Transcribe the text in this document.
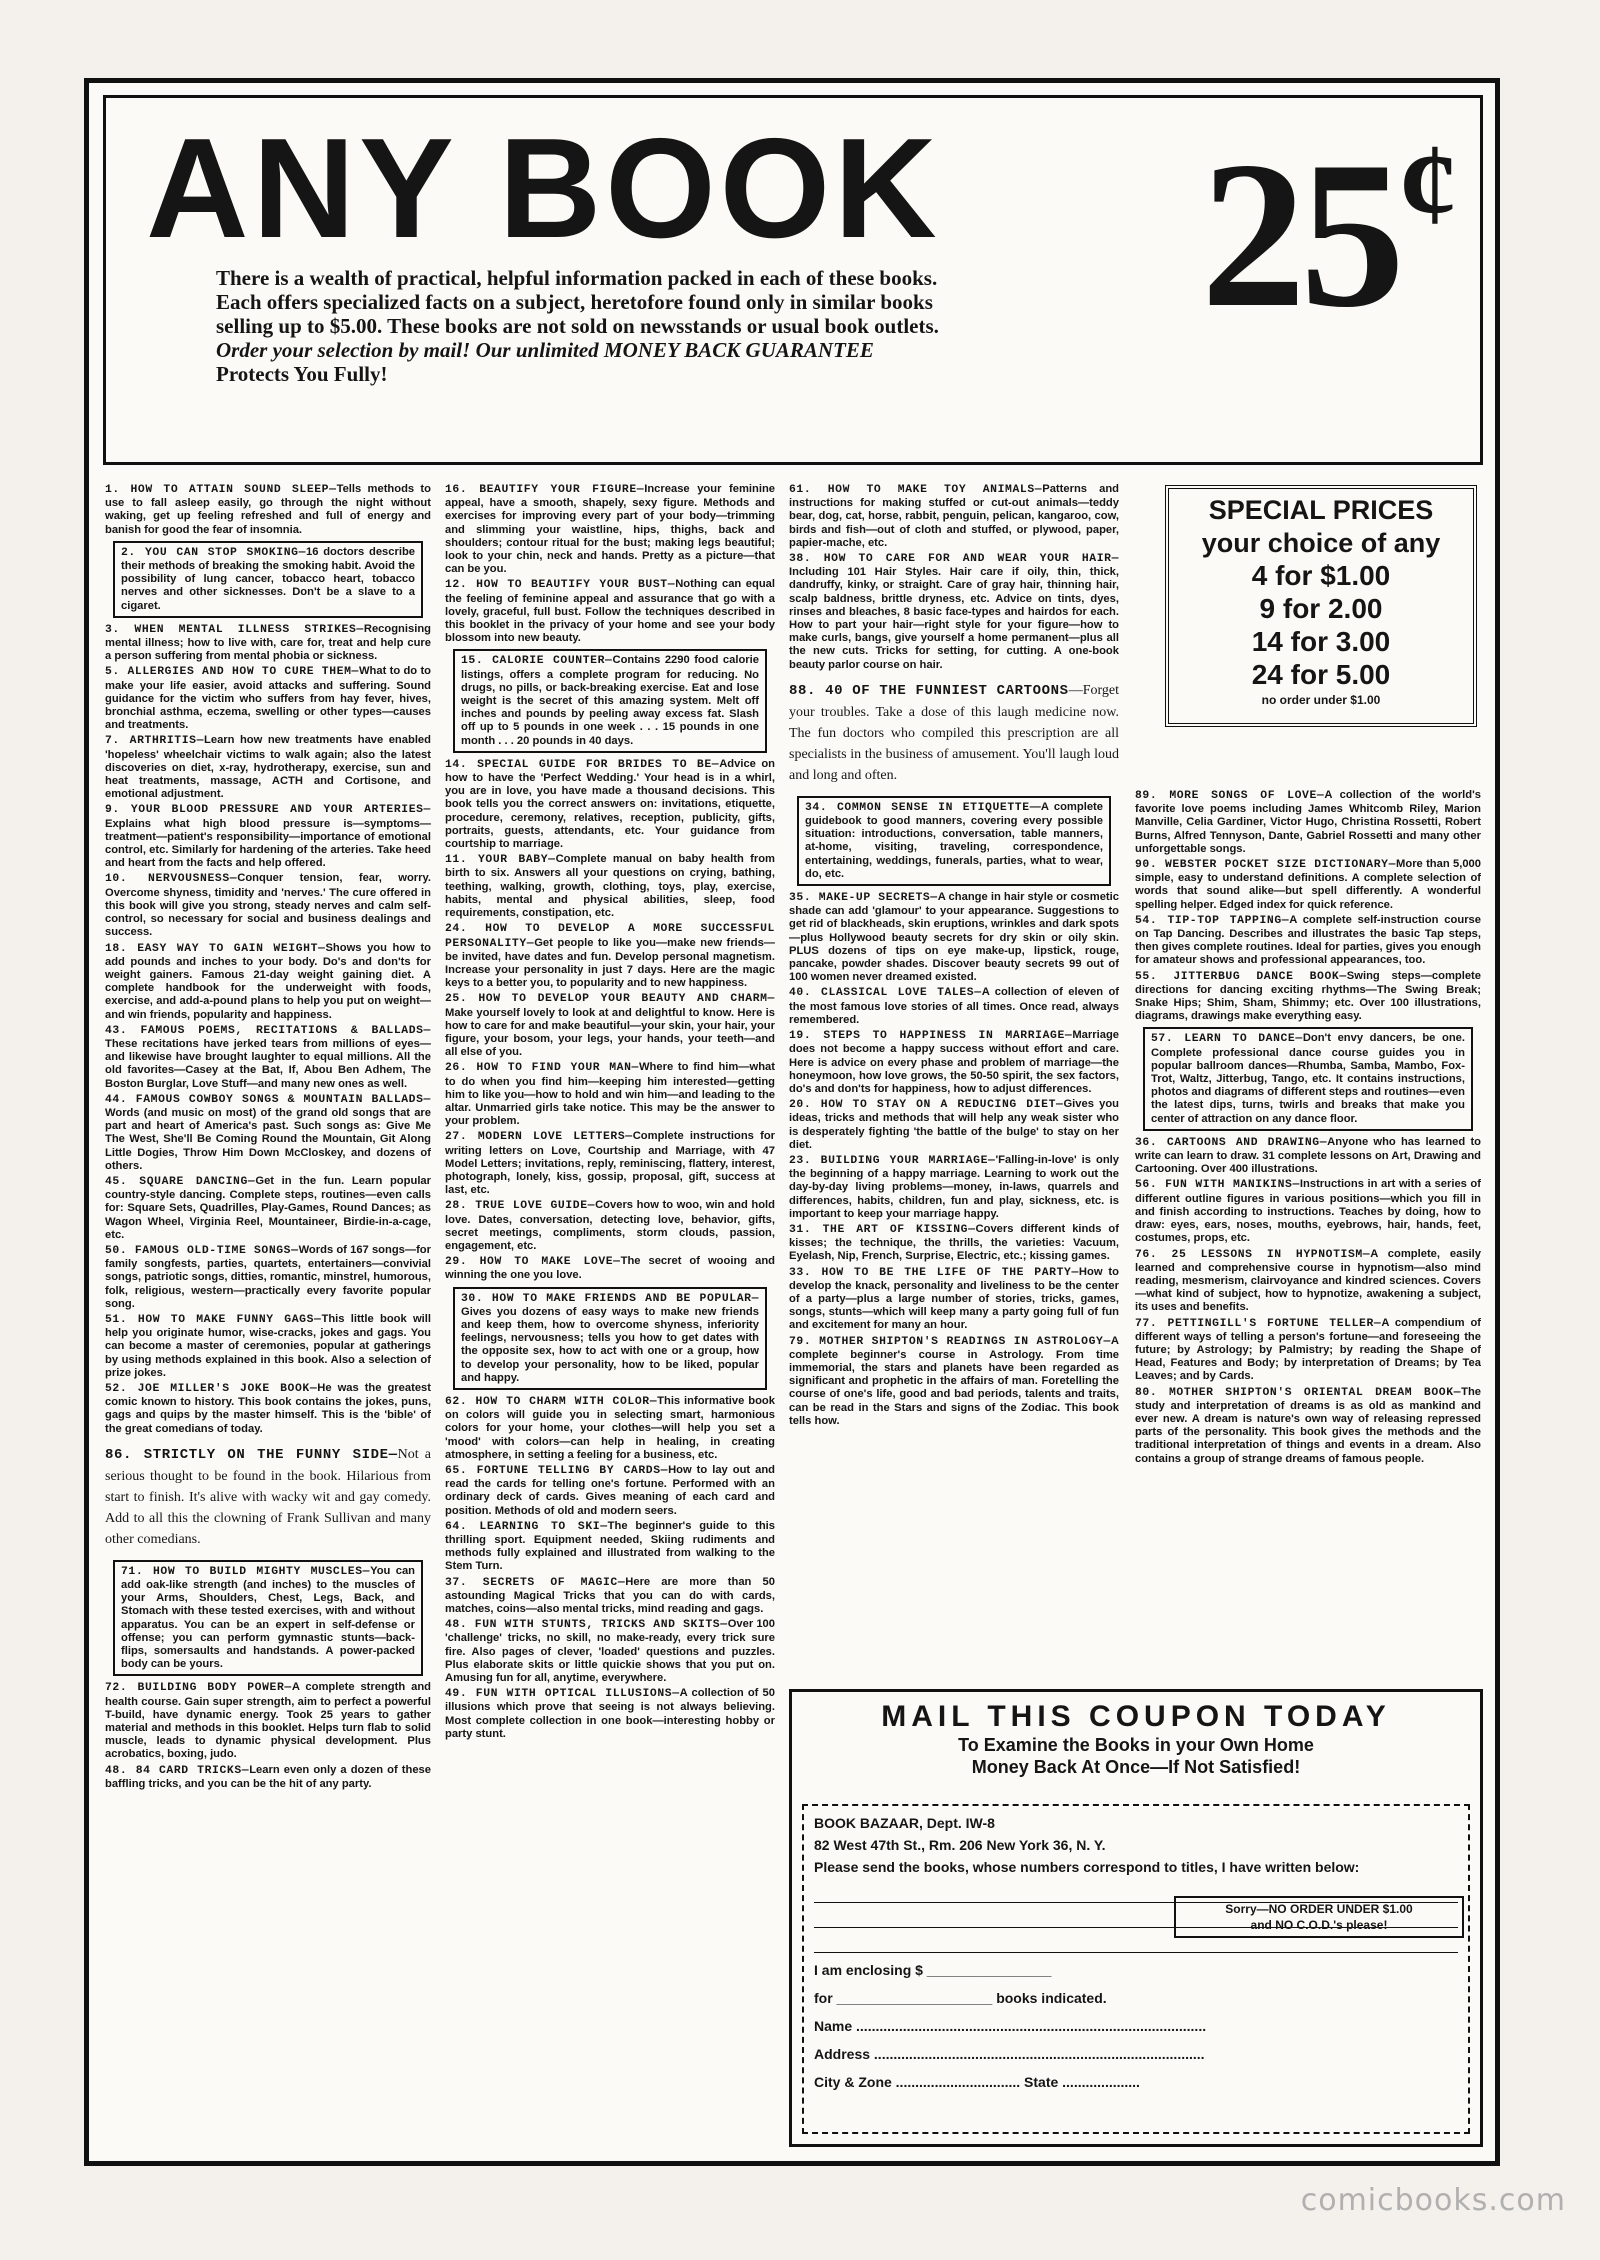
ANY BOOK 25¢
There is a wealth of practical, helpful information packed in each of these books.
Each offers specialized facts on a subject, heretofore found only in similar books
selling up to $5.00. These books are not sold on newsstands or usual book outlets.
Order your selection by mail! Our unlimited MONEY BACK GUARANTEE
Protects You Fully!
1. HOW TO ATTAIN SOUND SLEEP—Tells methods to use to fall asleep easily, go through the night without waking, get up feeling refreshed and full of energy and banish for good the fear of insomnia.
2. YOU CAN STOP SMOKING—16 doctors describe their methods of breaking the smoking habit. Avoid the possibility of lung cancer, tobacco heart, tobacco nerves and other sicknesses. Don't be a slave to a cigaret.
3. WHEN MENTAL ILLNESS STRIKES—Recognising mental illness; how to live with, care for, treat and help cure a person suffering from mental phobia or sickness.
5. ALLERGIES AND HOW TO CURE THEM—What to do to make your life easier, avoid attacks and suffering. Sound guidance for the victim who suffers from hay fever, hives, bronchial asthma, eczema, swelling or other types—causes and treatments.
7. ARTHRITIS—Learn how new treatments have enabled 'hopeless' wheelchair victims to walk again; also the latest discoveries on diet, x-ray, hydrotherapy, exercise, sun and heat treatments, massage, ACTH and Cortisone, and emotional adjustment.
9. YOUR BLOOD PRESSURE AND YOUR ARTERIES—Explains what high blood pressure is—symptoms—treatment—patient's responsibility—importance of emotional control, etc. Similarly for hardening of the arteries. Take heed and heart from the facts and help offered.
10. NERVOUSNESS—Conquer tension, fear, worry. Overcome shyness, timidity and 'nerves.' The cure offered in this book will give you strong, steady nerves and calm self-control, so necessary for social and business dealings and success.
18. EASY WAY TO GAIN WEIGHT—Shows you how to add pounds and inches to your body. Do's and don'ts for weight gainers. Famous 21-day weight gaining diet. A complete handbook for the underweight with foods, exercise, and add-a-pound plans to help you put on weight—and win friends, popularity and happiness.
43. FAMOUS POEMS, RECITATIONS & BALLADS—These recitations have jerked tears from millions of eyes—and likewise have brought laughter to equal millions. All the old favorites—Casey at the Bat, If, Abou Ben Adhem, The Boston Burglar, Love Stuff—and many new ones as well.
44. FAMOUS COWBOY SONGS & MOUNTAIN BALLADS—Words (and music on most) of the grand old songs that are part and heart of America's past. Such songs as: Give Me The West, She'll Be Coming Round the Mountain, Git Along Little Dogies, Throw Him Down McCloskey, and dozens of others.
45. SQUARE DANCING—Get in the fun. Learn popular country-style dancing. Complete steps, routines—even calls for: Square Sets, Quadrilles, Play-Games, Round Dances; as Wagon Wheel, Virginia Reel, Mountaineer, Birdie-in-a-cage, etc.
50. FAMOUS OLD-TIME SONGS—Words of 167 songs—for family songfests, parties, quartets, entertainers—convivial songs, patriotic songs, ditties, romantic, minstrel, humorous, folk, religious, western—practically every favorite popular song.
51. HOW TO MAKE FUNNY GAGS—This little book will help you originate humor, wise-cracks, jokes and gags. You can become a master of ceremonies, popular at gatherings by using methods explained in this book. Also a selection of prize jokes.
52. JOE MILLER'S JOKE BOOK—He was the greatest comic known to history. This book contains the jokes, puns, gags and quips by the master himself. This is the 'bible' of the great comedians of today.
86. STRICTLY ON THE FUNNY SIDE—Not a serious thought to be found in the book. Hilarious from start to finish. It's alive with wacky wit and gay comedy. Add to all this the clowning of Frank Sullivan and many other comedians.
71. HOW TO BUILD MIGHTY MUSCLES—You can add oak-like strength (and inches) to the muscles of your Arms, Shoulders, Chest, Legs, Back, and Stomach with these tested exercises, with and without apparatus. You can be an expert in self-defense or offense; you can perform gymnastic stunts—back-flips, somersaults and handstands. A power-packed body can be yours.
72. BUILDING BODY POWER—A complete strength and health course. Gain super strength, aim to perfect a powerful T-build, have dynamic energy. Took 25 years to gather material and methods in this booklet. Helps turn flab to solid muscle, leads to dynamic physical development. Plus acrobatics, boxing, judo.
48. 84 CARD TRICKS—Learn even only a dozen of these baffling tricks, and you can be the hit of any party.
16. BEAUTIFY YOUR FIGURE—Increase your feminine appeal, have a smooth, shapely, sexy figure. Methods and exercises for improving every part of your body—trimming and slimming your waistline, hips, thighs, back and shoulders; contour ritual for the bust; making legs beautiful; look to your chin, neck and hands. Pretty as a picture—that can be you.
12. HOW TO BEAUTIFY YOUR BUST—Nothing can equal the feeling of feminine appeal and assurance that go with a lovely, graceful, full bust. Follow the techniques described in this booklet in the privacy of your home and see your body blossom into new beauty.
15. CALORIE COUNTER—Contains 2290 food calorie listings, offers a complete program for reducing. No drugs, no pills, or back-breaking exercise. Eat and lose weight is the secret of this amazing system. Melt off inches and pounds by peeling away excess fat. Slash off up to 5 pounds in one week . . . 15 pounds in one month . . . 20 pounds in 40 days.
14. SPECIAL GUIDE FOR BRIDES TO BE—Advice on how to have the 'Perfect Wedding.' Your head is in a whirl, you are in love, you have made a thousand decisions. This book tells you the correct answers on: invitations, etiquette, procedure, ceremony, relatives, reception, publicity, gifts, portraits, guests, attendants, etc. Your guidance from courtship to marriage.
11. YOUR BABY—Complete manual on baby health from birth to six. Answers all your questions on crying, bathing, teething, walking, growth, clothing, toys, play, exercise, habits, mental and physical abilities, sleep, food requirements, constipation, etc.
24. HOW TO DEVELOP A MORE SUCCESSFUL PERSONALITY—Get people to like you—make new friends—be invited, have dates and fun. Develop personal magnetism. Increase your personality in just 7 days. Here are the magic keys to a better you, to popularity and to new happiness.
25. HOW TO DEVELOP YOUR BEAUTY AND CHARM—Make yourself lovely to look at and delightful to know. Here is how to care for and make beautiful—your skin, your hair, your figure, your bosom, your legs, your hands, your teeth—and all else of you.
26. HOW TO FIND YOUR MAN—Where to find him—what to do when you find him—keeping him interested—getting him to like you—how to hold and win him—and leading to the altar. Unmarried girls take notice. This may be the answer to your problem.
27. MODERN LOVE LETTERS—Complete instructions for writing letters on Love, Courtship and Marriage, with 47 Model Letters; invitations, reply, reminiscing, flattery, interest, photograph, lonely, kiss, gossip, proposal, gift, success at last, etc.
28. TRUE LOVE GUIDE—Covers how to woo, win and hold love. Dates, conversation, detecting love, behavior, gifts, secret meetings, compliments, storm clouds, passion, engagement, etc.
29. HOW TO MAKE LOVE—The secret of wooing and winning the one you love.
30. HOW TO MAKE FRIENDS AND BE POPULAR—Gives you dozens of easy ways to make new friends and keep them, how to overcome shyness, inferiority feelings, nervousness; tells you how to get dates with the opposite sex, how to act with one or a group, how to develop your personality, how to be liked, popular and happy.
62. HOW TO CHARM WITH COLOR—This informative book on colors will guide you in selecting smart, harmonious colors for your home, your clothes—will help you set a 'mood' with colors—can help in healing, in creating atmosphere, in setting a feeling for a business, etc.
65. FORTUNE TELLING BY CARDS—How to lay out and read the cards for telling one's fortune. Performed with an ordinary deck of cards. Gives meaning of each card and position. Methods of old and modern seers.
64. LEARNING TO SKI—The beginner's guide to this thrilling sport. Equipment needed, Skiing rudiments and methods fully explained and illustrated from walking to the Stem Turn.
37. SECRETS OF MAGIC—Here are more than 50 astounding Magical Tricks that you can do with cards, matches, coins—also mental tricks, mind reading and gags.
48. FUN WITH STUNTS, TRICKS AND SKITS—Over 100 'challenge' tricks, no skill, no make-ready, every trick sure fire. Also pages of clever, 'loaded' questions and puzzles. Plus elaborate skits or little quickie shows that you put on. Amusing fun for all, anytime, everywhere.
49. FUN WITH OPTICAL ILLUSIONS—A collection of 50 illusions which prove that seeing is not always believing. Most complete collection in one book—interesting hobby or party stunt.
61. HOW TO MAKE TOY ANIMALS—Patterns and instructions for making stuffed or cut-out animals—teddy bear, dog, cat, horse, rabbit, penguin, pelican, kangaroo, cow, birds and fish—out of cloth and stuffed, or plywood, paper, papier-mache, etc.
38. HOW TO CARE FOR AND WEAR YOUR HAIR—Including 101 Hair Styles. Hair care if oily, thin, thick, dandruffy, kinky, or straight. Care of gray hair, thinning hair, scalp baldness, brittle dryness, etc. Advice on tints, dyes, rinses and bleaches, 8 basic face-types and hairdos for each. How to part your hair—right style for your figure—how to make curls, bangs, give yourself a home permanent—plus all the new cuts. Tricks for setting, for cutting. A one-book beauty parlor course on hair.
88. 40 OF THE FUNNIEST CARTOONS—Forget your troubles. Take a dose of this laugh medicine now. The fun doctors who compiled this prescription are all specialists in the business of amusement. You'll laugh loud and long and often.
34. COMMON SENSE IN ETIQUETTE—A complete guidebook to good manners, covering every possible situation: introductions, conversation, table manners, at-home, visiting, traveling, correspondence, entertaining, weddings, funerals, parties, what to wear, do, etc.
35. MAKE-UP SECRETS—A change in hair style or cosmetic shade can add 'glamour' to your appearance. Suggestions to get rid of blackheads, skin eruptions, wrinkles and dark spots—plus Hollywood beauty secrets for dry skin or oily skin. PLUS dozens of tips on eye make-up, lipstick, rouge, pancake, powder shades. Discover beauty secrets 99 out of 100 women never dreamed existed.
40. CLASSICAL LOVE TALES—A collection of eleven of the most famous love stories of all times. Once read, always remembered.
19. STEPS TO HAPPINESS IN MARRIAGE—Marriage does not become a happy success without effort and care. Here is advice on every phase and problem of marriage—the honeymoon, how love grows, the 50-50 spirit, the sex factors, do's and don'ts for happiness, how to adjust differences.
20. HOW TO STAY ON A REDUCING DIET—Gives you ideas, tricks and methods that will help any weak sister who is desperately fighting 'the battle of the bulge' to stay on her diet.
23. BUILDING YOUR MARRIAGE—'Falling-in-love' is only the beginning of a happy marriage. Learning to work out the day-by-day living problems—money, in-laws, quarrels and differences, habits, children, fun and play, sickness, etc. is important to keep your marriage happy.
31. THE ART OF KISSING—Covers different kinds of kisses; the technique, the thrills, the varieties: Vacuum, Eyelash, Nip, French, Surprise, Electric, etc.; kissing games.
33. HOW TO BE THE LIFE OF THE PARTY—How to develop the knack, personality and liveliness to be the center of a party—plus a large number of stories, tricks, games, songs, stunts—which will keep many a party going full of fun and excitement for many an hour.
79. MOTHER SHIPTON'S READINGS IN ASTROLOGY—A complete beginner's course in Astrology. From time immemorial, the stars and planets have been regarded as significant and prophetic in the affairs of man. Foretelling the course of one's life, good and bad periods, talents and traits, can be read in the Stars and signs of the Zodiac. This book tells how.
SPECIAL PRICES
your choice of any
4 for $1.00
9 for 2.00
14 for 3.00
24 for 5.00
no order under $1.00
89. MORE SONGS OF LOVE—A collection of the world's favorite love poems including James Whitcomb Riley, Marion Manville, Celia Gardiner, Victor Hugo, Christina Rossetti, Robert Burns, Alfred Tennyson, Dante, Gabriel Rossetti and many other unforgettable songs.
90. WEBSTER POCKET SIZE DICTIONARY—More than 5,000 simple, easy to understand definitions. A complete selection of words that sound alike—but spell differently. A wonderful spelling helper. Edged index for quick reference.
54. TIP-TOP TAPPING—A complete self-instruction course on Tap Dancing. Describes and illustrates the basic Tap steps, then gives complete routines. Ideal for parties, gives you enough for amateur shows and professional appearances, too.
55. JITTERBUG DANCE BOOK—Swing steps—complete directions for dancing exciting rhythms—The Swing Break; Snake Hips; Shim, Sham, Shimmy; etc. Over 100 illustrations, diagrams, drawings make everything easy.
57. LEARN TO DANCE—Don't envy dancers, be one. Complete professional dance course guides you in popular ballroom dances—Rhumba, Samba, Mambo, Fox-Trot, Waltz, Jitterbug, Tango, etc. It contains instructions, photos and diagrams of different steps and routines—even the latest dips, turns, twirls and breaks that make you center of attraction on any dance floor.
36. CARTOONS AND DRAWING—Anyone who has learned to write can learn to draw. 31 complete lessons on Art, Drawing and Cartooning. Over 400 illustrations.
56. FUN WITH MANIKINS—Instructions in art with a series of different outline figures in various positions—which you fill in and finish according to instructions. Teaches by doing, how to draw: eyes, ears, noses, mouths, eyebrows, hair, hands, feet, costumes, props, etc.
76. 25 LESSONS IN HYPNOTISM—A complete, easily learned and comprehensive course in hypnotism—also mind reading, mesmerism, clairvoyance and kindred sciences. Covers—what kind of subject, how to hypnotize, awakening a subject, its uses and benefits.
77. PETTINGILL'S FORTUNE TELLER—A compendium of different ways of telling a person's fortune—and foreseeing the future; by Astrology; by Palmistry; by reading the Shape of Head, Features and Body; by interpretation of Dreams; by Tea Leaves; and by Cards.
80. MOTHER SHIPTON'S ORIENTAL DREAM BOOK—The study and interpretation of dreams is as old as mankind and ever new. A dream is nature's own way of releasing repressed parts of the personality. This book gives the methods and the traditional interpretation of things and events in a dream. Also contains a group of strange dreams of famous people.
MAIL THIS COUPON TODAY
To Examine the Books in your Own Home
Money Back At Once—If Not Satisfied!
BOOK BAZAAR, Dept. IW-8
82 West 47th St., Rm. 206 New York 36, N. Y.
Please send the books, whose numbers correspond to titles, I have written below:
I am enclosing $ ________________
for ____________________ books indicated.
Name ..........................................................................................
Address .....................................................................................
City & Zone ................................ State ....................
Sorry—NO ORDER UNDER $1.00
and NO C.O.D.'s please!
comicbooks.com
